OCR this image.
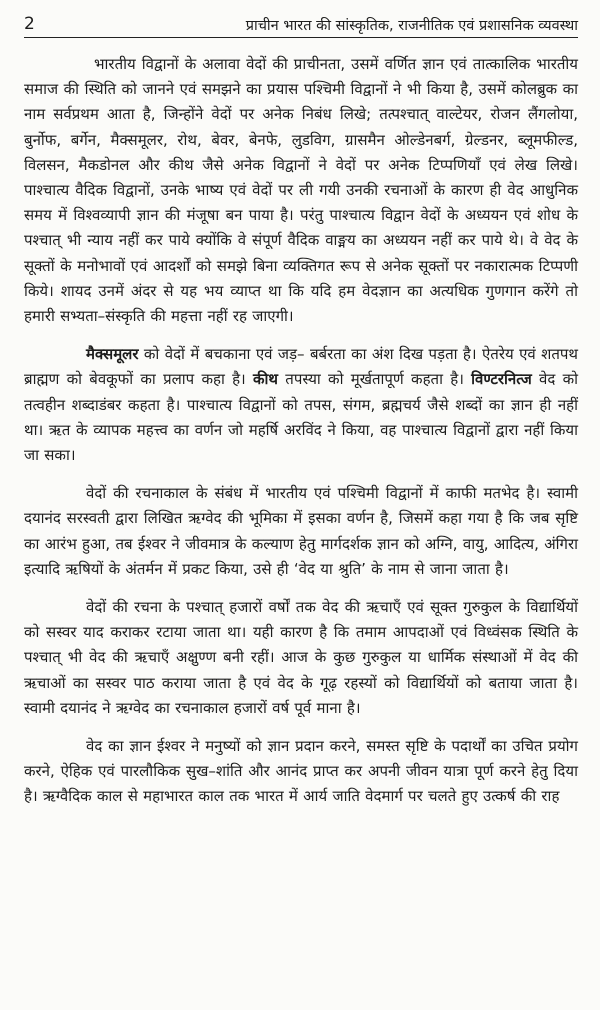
2	प्राचीन भारत की सांस्कृतिक, राजनीतिक एवं प्रशासनिक व्यवस्था

भारतीय विद्वानों के अलावा वेदों की प्राचीनता, उसमें वर्णित ज्ञान एवं तात्कालिक भारतीय समाज की स्थिति को जानने एवं समझने का प्रयास पश्चिमी विद्वानों ने भी किया है, उसमें कोलब्रुक का नाम सर्वप्रथम आता है, जिन्होंने वेदों पर अनेक निबंध लिखे; तत्पश्चात् वाल्टेयर, रोजन लैंगलोया, बुर्नोफ, बर्गेन, मैक्समूलर, रोथ, बेवर, बेनफे, लुडविग, ग्रासमैन ओल्डेनबर्ग, ग्रेल्डनर, ब्लूमफील्ड, विलसन, मैकडोनल और कीथ जैसे अनेक विद्वानों ने वेदों पर अनेक टिप्पणियाँ एवं लेख लिखे। पाश्चात्य वैदिक विद्वानों, उनके भाष्य एवं वेदों पर ली गयी उनकी रचनाओं के कारण ही वेद आधुनिक समय में विश्वव्यापी ज्ञान की मंजूषा बन पाया है। परंतु पाश्चात्य विद्वान वेदों के अध्ययन एवं शोध के पश्चात् भी न्याय नहीं कर पाये क्योंकि वे संपूर्ण वैदिक वाङ्मय का अध्ययन नहीं कर पाये थे। वे वेद के सूक्तों के मनोभावों एवं आदर्शों को समझे बिना व्यक्तिगत रूप से अनेक सूक्तों पर नकारात्मक टिप्पणी किये। शायद उनमें अंदर से यह भय व्याप्त था कि यदि हम वेदज्ञान का अत्यधिक गुणगान करेंगे तो हमारी सभ्यता–संस्कृति की महत्ता नहीं रह जाएगी।

मैक्समूलर को वेदों में बचकाना एवं जड़– बर्बरता का अंश दिख पड़ता है। ऐतरेय एवं शतपथ ब्राह्मण को बेवकूफों का प्रलाप कहा है। कीथ तपस्या को मूर्खतापूर्ण कहता है। विण्टरनित्ज वेद को तत्वहीन शब्दाडंबर कहता है। पाश्चात्य विद्वानों को तपस, संगम, ब्रह्मचर्य जैसे शब्दों का ज्ञान ही नहीं था। ऋत के व्यापक महत्त्व का वर्णन जो महर्षि अरविंद ने किया, वह पाश्चात्य विद्वानों द्वारा नहीं किया जा सका।

वेदों की रचनाकाल के संबंध में भारतीय एवं पश्चिमी विद्वानों में काफी मतभेद है। स्वामी दयानंद सरस्वती द्वारा लिखित ऋग्वेद की भूमिका में इसका वर्णन है, जिसमें कहा गया है कि जब सृष्टि का आरंभ हुआ, तब ईश्वर ने जीवमात्र के कल्याण हेतु मार्गदर्शक ज्ञान को अग्नि, वायु, आदित्य, अंगिरा इत्यादि ऋषियों के अंतर्मन में प्रकट किया, उसे ही ‘वेद या श्रुति’ के नाम से जाना जाता है।

वेदों की रचना के पश्चात् हजारों वर्षों तक वेद की ऋचाएँ एवं सूक्त गुरुकुल के विद्यार्थियों को सस्वर याद कराकर रटाया जाता था। यही कारण है कि तमाम आपदाओं एवं विध्वंसक स्थिति के पश्चात् भी वेद की ऋचाएँ अक्षुण्ण बनी रहीं। आज के कुछ गुरुकुल या धार्मिक संस्थाओं में वेद की ऋचाओं का सस्वर पाठ कराया जाता है एवं वेद के गूढ़ रहस्यों को विद्यार्थियों को बताया जाता है। स्वामी दयानंद ने ऋग्वेद का रचनाकाल हजारों वर्ष पूर्व माना है।

वेद का ज्ञान ईश्वर ने मनुष्यों को ज्ञान प्रदान करने, समस्त सृष्टि के पदार्थों का उचित प्रयोग करने, ऐहिक एवं पारलौकिक सुख–शांति और आनंद प्राप्त कर अपनी जीवन यात्रा पूर्ण करने हेतु दिया है। ऋग्वैदिक काल से महाभारत काल तक भारत में आर्य जाति वेदमार्ग पर चलते हुए उत्कर्ष की राह
